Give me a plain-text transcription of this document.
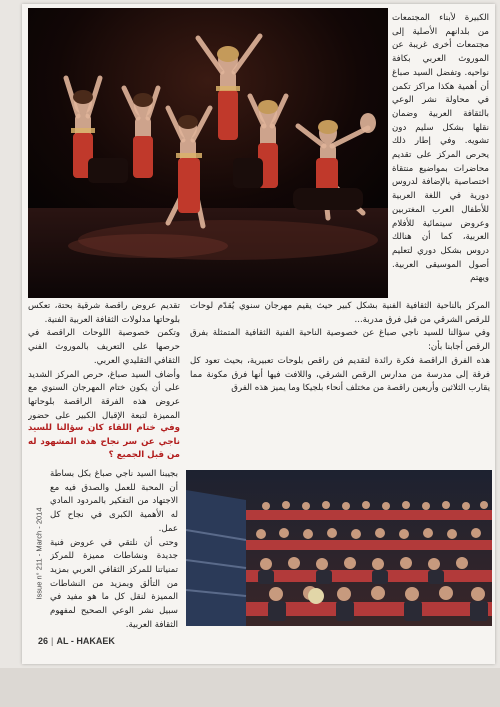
الكبيرة لأبناء المجتمعات من بلدانهم الأصلية إلى مجتمعات أخرى غريبة عن الموروث العربي بكافة نواحيه. وتفضل السيد صباغ أن أهمية هكذا مراكز تكمن في محاولة نشر الوعي بالثقافة العربية وضمان نقلها بشكل سليم دون تشويه. وفي إطار ذلك يحرص المركز على تقديم محاضرات بمواضيع منتقاة اختصاصية بالإضافة لدروس دورية في اللغة العربية للأطفال العرب المغتربين وعروض سينمائية للأفلام العربية، كما أن هنالك دروس بشكل دوري لتعليم أصول الموسيقى العربية. ويهتم

المركز بالناحية الثقافية الفنية بشكل كبير حيث يقيم مهرجان سنوي يُقدّم لوحات للرقص الشرقي من قبل فرق مدربة...

وفي سؤالنا للسيد ناجي صباغ عن خصوصية الناحية الفنية الثقافية المتمثلة بفرق الرقص أجابنا بأن:

هذه الفرق الراقصة فكرة رائدة لتقديم فن راقص بلوحات تعبيرية، بحيث تعود كل فرقة إلى مدرسة من مدارس الرقص الشرقي، واللافت فيها أنها فرق مكونة مما يقارب الثلاثين وأربعين راقصة من مختلف أنحاء بلجيكا وما يميز هذه الفرق

تقديم عروض راقصة شرقية بحتة، تعكس بلوحاتها مدلولات الثقافة العربية الفنية.

وتكمن خصوصية اللوحات الراقصة في حرصها على التعريف بالموروث الفني الثقافي التقليدي العربي.

وأضاف السيد صباغ، حرص المركز الشديد على أن يكون ختام المهرجان السنوي مع عروض هذه الفرقة الراقصة بلوحاتها المميزة لتبعة الإقبال الكبير على حضور

وفي ختام اللقاء كان سؤالنا للسيد ناجي عن سر نجاح هذه المشهود له من قبل الجميع ؟

بجيبنا السيد ناجي صباغ بكل بساطة أن المحبة للعمل والصدق فيه مع الاجتهاد من التفكير بالمردود المادي له الأهمية الكبرى في نجاح كل عمل.

وحتى أن نلتقي في عروض فنية جديدة ونشاطات مميزة للمركز تمنياتنا للمركز الثقافي العربي بمزيد من التألق وبمزيد من النشاطات المميزة لنقل كل ما هو مفيد في سبيل نشر الوعي الصحيح لمفهوم الثقافة العربية.

Issue n° 211 - March - 2014
26 | AL - HAKAEK
